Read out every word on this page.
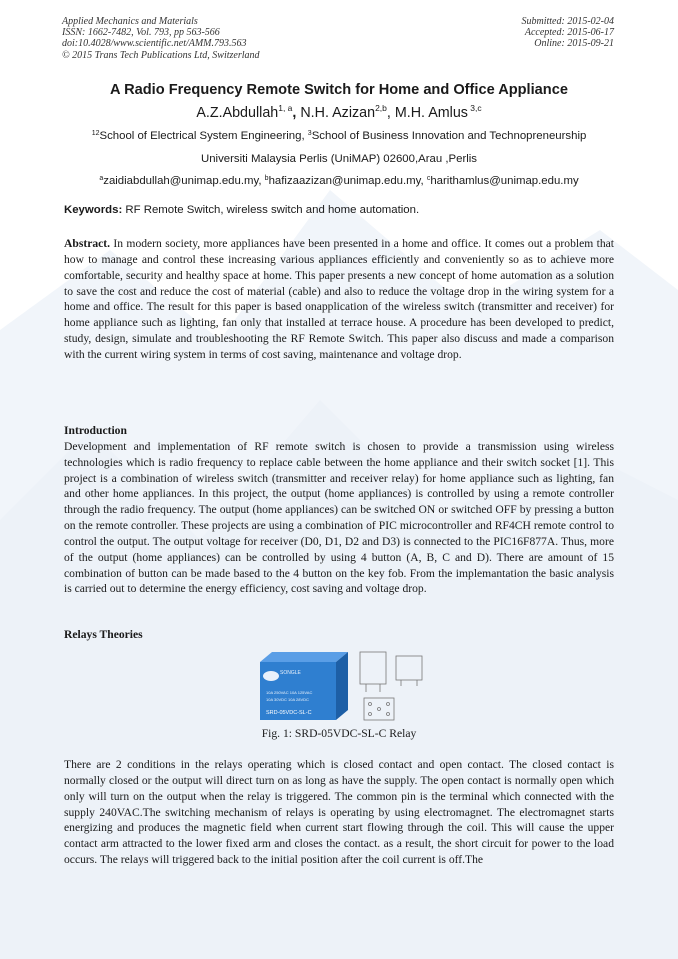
Applied Mechanics and Materials
ISSN: 1662-7482, Vol. 793, pp 563-566
doi:10.4028/www.scientific.net/AMM.793.563
© 2015 Trans Tech Publications Ltd, Switzerland
Submitted: 2015-02-04
Accepted: 2015-06-17
Online: 2015-09-21
A Radio Frequency Remote Switch for Home and Office Appliance
A.Z.Abdullah$^{1, a}$, N.H. Azizan$^{2,b}$, M.H. Amlus $^{3,c}$
$^{12}$School of Electrical System Engineering, $^3$School of Business Innovation and Technopreneurship
Universiti Malaysia Perlis (UniMAP) 02600,Arau ,Perlis
$^a$zaidiabdullah@unimap.edu.my, $^b$hafizaazizan@unimap.edu.my, $^c$harithamlus@unimap.edu.my
Keywords: RF Remote Switch, wireless switch and home automation.
Abstract. In modern society, more appliances have been presented in a home and office. It comes out a problem that how to manage and control these increasing various appliances efficiently and conveniently so as to achieve more comfortable, security and healthy space at home. This paper presents a new concept of home automation as a solution to save the cost and reduce the cost of material (cable) and also to reduce the voltage drop in the wiring system for a home and office. The result for this paper is based onapplication of the wireless switch (transmitter and receiver) for home appliance such as lighting, fan only that installed at terrace house. A procedure has been developed to predict, study, design, simulate and troubleshooting the RF Remote Switch. This paper also discuss and made a comparison with the current wiring system in terms of cost saving, maintenance and voltage drop.
Introduction
Development and implementation of RF remote switch is chosen to provide a transmission using wireless technologies which is radio frequency to replace cable between the home appliance and their switch socket [1]. This project is a combination of wireless switch (transmitter and receiver relay) for home appliance such as lighting, fan and other home appliances. In this project, the output (home appliances) is controlled by using a remote controller through the radio frequency. The output (home appliances) can be switched ON or switched OFF by pressing a button on the remote controller. These projects are using a combination of PIC microcontroller and RF4CH remote control to control the output. The output voltage for receiver (D0, D1, D2 and D3) is connected to the PIC16F877A. Thus, more of the output (home appliances) can be controlled by using 4 button (A, B, C and D). There are amount of 15 combination of button can be made based to the 4 button on the key fob. From the implemantation the basic analysis is carried out to determine the energy efficiency, cost saving and voltage drop.
Relays Theories
SONGLE
10A 250VAC 10A 125VAC
10A 30VDC 10A 28VDC
SRD-05VDC-SL-C
Fig. 1: SRD-05VDC-SL-C Relay
There are 2 conditions in the relays operating which is closed contact and open contact. The closed contact is normally closed or the output will direct turn on as long as have the supply. The open contact is normally open which only will turn on the output when the relay is triggered. The common pin is the terminal which connected with the supply 240VAC.The switching mechanism of relays is operating by using electromagnet. The electromagnet starts energizing and produces the magnetic field when current start flowing through the coil. This will cause the upper contact arm attracted to the lower fixed arm and closes the contact. as a result, the short circuit for power to the load occurs. The relays will triggered back to the initial position after the coil current is off.The
